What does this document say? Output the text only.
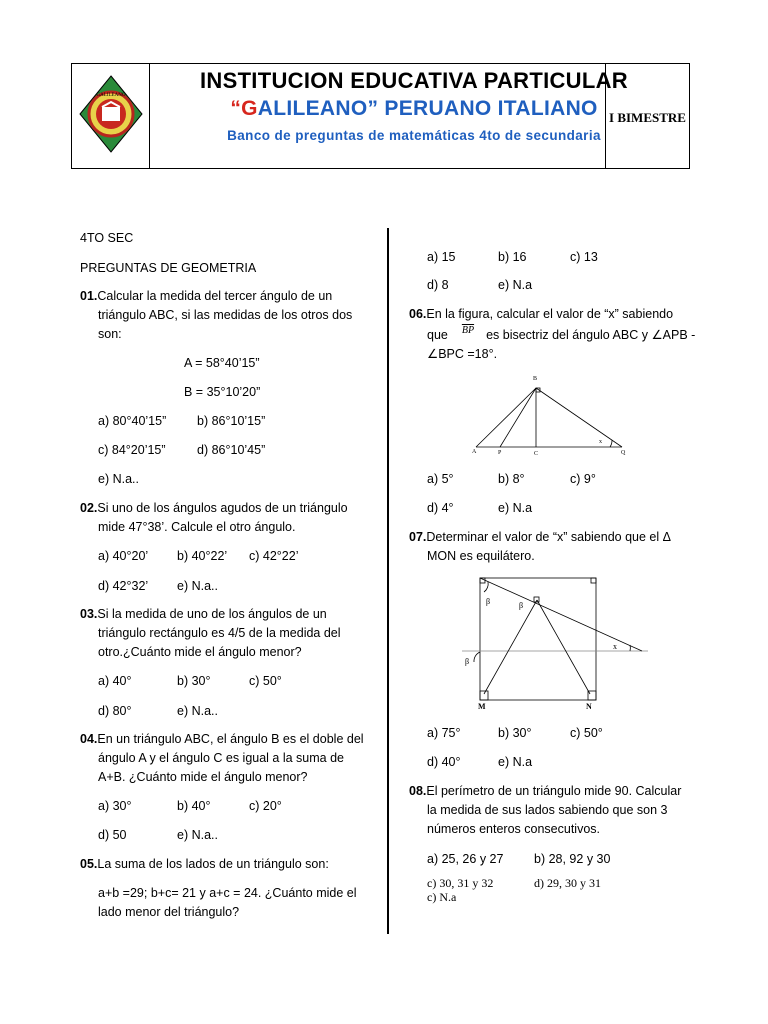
GALILEANO
INSTITUCION EDUCATIVA PARTICULAR
“GALILEANO” PERUANO ITALIANO
Banco de preguntas de matemáticas 4to de secundaria
I BIMESTRE
4TO SEC
PREGUNTAS DE GEOMETRIA
01.Calcular la medida del tercer ángulo de un
triángulo ABC, si las medidas de los otros dos
son:
A = 58°40’15”
B = 35°10’20”
a) 80°40’15” b) 86°10’15”
c) 84°20’15”	d) 86°10’45”
e) N.a..
02.Si uno de los ángulos agudos de un triángulo
mide 47°38’. Calcule el otro ángulo.
a) 40°20’ b) 40°22’ c) 42°22’
d) 42°32’ e) N.a..
03.Si la medida de uno de los ángulos de un
triángulo rectángulo es 4/5 de la medida del
otro.¿Cuánto mide el ángulo menor?
a) 40°	b) 30°	c) 50°
d) 80°	e) N.a..
04.En un triángulo ABC, el ángulo B es el doble del
ángulo A y el ángulo C es igual a la suma de
A+B. ¿Cuánto mide el ángulo menor?
a) 30°	b) 40°	c) 20°
d) 50	e) N.a..
05.La suma de los lados de un triángulo son:
a+b =29; b+c= 21 y a+c = 24. ¿Cuánto mide el
lado menor del triángulo?
a) 15	b) 16	c) 13
d) 8	e) N.a
06.En la figura, calcular el valor de “x” sabiendo
que $\overline{BP}$ es bisectriz del ángulo ABC y ∠APB -
∠BPC =18°.
B
A	P	C
x
Q
a) 5°	b) 8°	c) 9°
d) 4°	e) N.a
07.Determinar el valor de “x” sabiendo que el Δ
MON es equilátero.
β	β
β
x
M	N
a) 75°	b) 30°	c) 50°
d) 40°	e) N.a
08.El perímetro de un triángulo mide 90. Calcular
la medida de sus lados sabiendo que son 3
números enteros consecutivos.
a) 25, 26 y 27 b) 28, 92 y 30
c) 30, 31 y 32	d) 29, 30 y 31
c) N.a
